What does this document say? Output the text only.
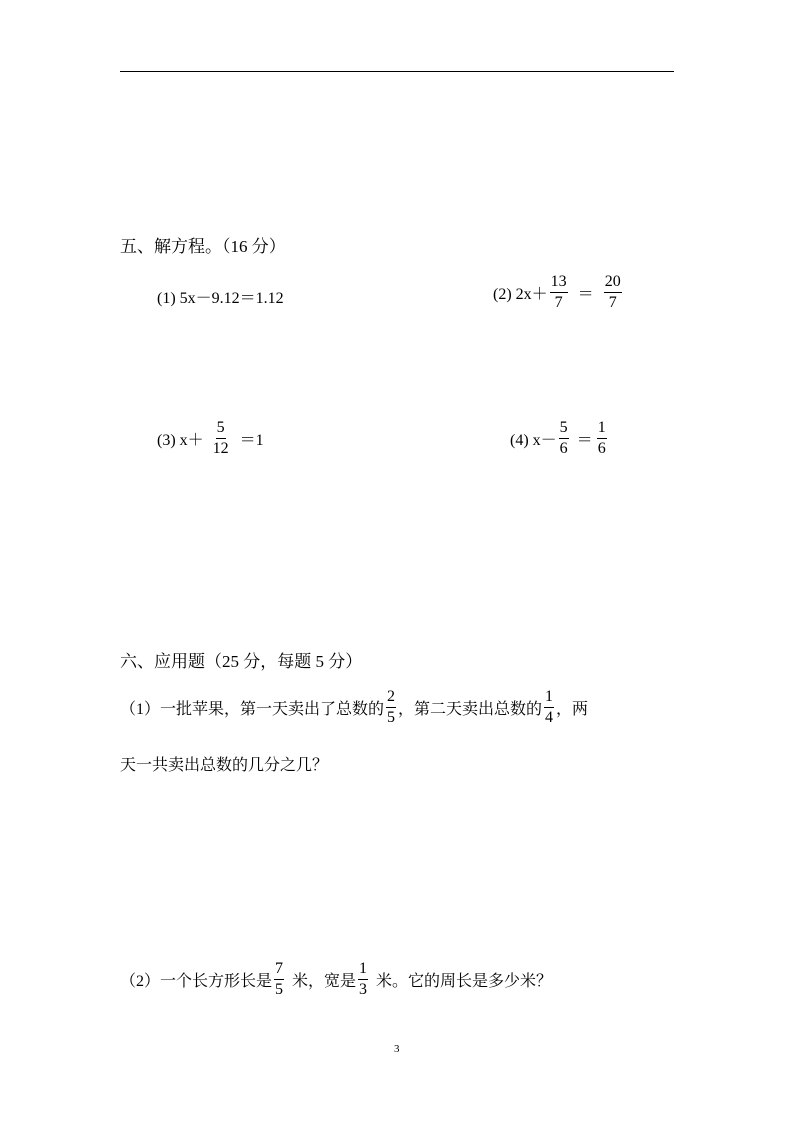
五、解方程。（16 分）
(1) 5x－9.12＝1.12	(2) $2x+ \frac{13}{7} = \frac{20}{7}$
(3) $x+ \frac{5}{12} =1$	(4) $x- \frac{5}{6} = \frac{1}{6}$
六、应用题（25 分，每题 5 分）
（1）一批苹果，第一天卖出了总数的 $\frac{2}{5}$ ，第二天卖出总数的 $\frac{1}{4}$ ，两
天一共卖出总数的几分之几？
（2）一个长方形长是 $\frac{7}{5}$ 米，宽是 $\frac{1}{3}$ 米。它的周长是多少米？
3
